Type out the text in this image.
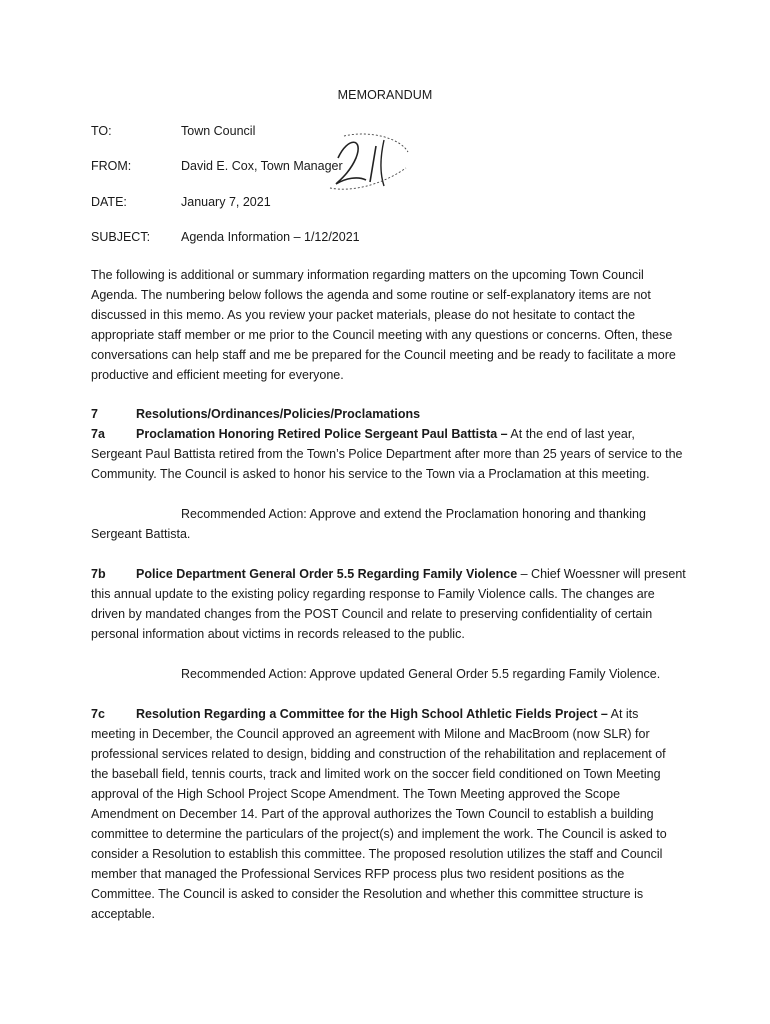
MEMORANDUM
TO:	Town Council
FROM:	David E. Cox, Town Manager
DATE:	January 7, 2021
SUBJECT: Agenda Information – 1/12/2021
The following is additional or summary information regarding matters on the upcoming Town Council Agenda. The numbering below follows the agenda and some routine or self-explanatory items are not discussed in this memo. As you review your packet materials, please do not hesitate to contact the appropriate staff member or me prior to the Council meeting with any questions or concerns. Often, these conversations can help staff and me be prepared for the Council meeting and be ready to facilitate a more productive and efficient meeting for everyone.
7	Resolutions/Ordinances/Policies/Proclamations
7a Proclamation Honoring Retired Police Sergeant Paul Battista – At the end of last year, Sergeant Paul Battista retired from the Town’s Police Department after more than 25 years of service to the Community. The Council is asked to honor his service to the Town via a Proclamation at this meeting.
Recommended Action: Approve and extend the Proclamation honoring and thanking Sergeant Battista.
7b Police Department General Order 5.5 Regarding Family Violence – Chief Woessner will present this annual update to the existing policy regarding response to Family Violence calls. The changes are driven by mandated changes from the POST Council and relate to preserving confidentiality of certain personal information about victims in records released to the public.
Recommended Action: Approve updated General Order 5.5 regarding Family Violence.
7c Resolution Regarding a Committee for the High School Athletic Fields Project – At its meeting in December, the Council approved an agreement with Milone and MacBroom (now SLR) for professional services related to design, bidding and construction of the rehabilitation and replacement of the baseball field, tennis courts, track and limited work on the soccer field conditioned on Town Meeting approval of the High School Project Scope Amendment. The Town Meeting approved the Scope Amendment on December 14. Part of the approval authorizes the Town Council to establish a building committee to determine the particulars of the project(s) and implement the work. The Council is asked to consider a Resolution to establish this committee. The proposed resolution utilizes the staff and Council member that managed the Professional Services RFP process plus two resident positions as the Committee. The Council is asked to consider the Resolution and whether this committee structure is acceptable.
